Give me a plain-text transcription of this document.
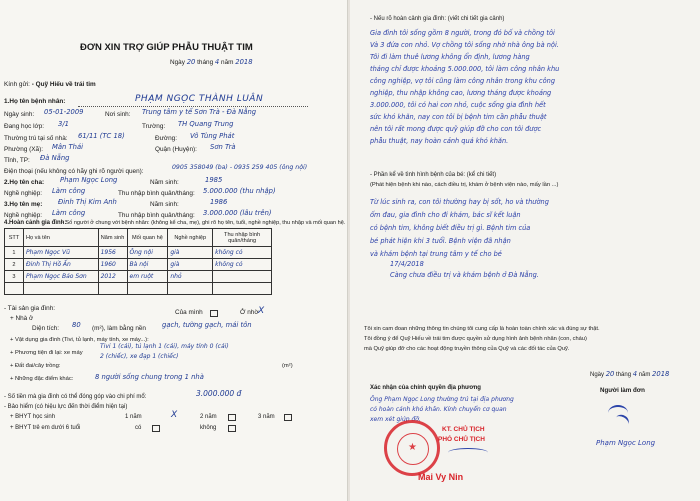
ĐƠN XIN TRỢ GIÚP PHẪU THUẬT TIM
Ngày 20 tháng 4 năm 2018
Kính gửi: - Quỹ Hiếu về trái tim
1.Họ tên bệnh nhân:	PHẠM NGỌC THÀNH LUÂN
Ngày sinh: 05-01-2009	Nơi sinh: Trung tâm y tế Sơn Trà - Đà Nẵng
Đang học lớp: 3/1	Trường: TH Quang Trung
Thường trú tại số nhà: 61/11 (TC 18)	Đường: Võ Tùng Phát
Phường (Xã): Mân Thái	Quận (Huyện): Sơn Trà
Tỉnh, TP: Đà Nẵng
Điện thoại (nếu không có hãy ghi rõ người quen):
0905 358049 (ba) - 0935 259 405 (ông nội)
2.Họ tên cha: Phạm Ngọc Long	Năm sinh:	1985
Nghề nghiệp: Làm công	Thu nhập bình quân/tháng: 5.000.000 (thu nhập)
3.Họ tên mẹ: Đinh Thị Kim Anh	Năm sinh:	1986
Nghề nghiệp: Làm công	Thu nhập bình quân/tháng: 3.000.000 (lâu trên)
4.Hoàn cảnh gia đình:
STT	Họ và tên	Năm sinh	Mối quan hệ	Nghề nghiệp	Thu nhập bình quân/tháng
1	Phạm Ngọc Vũ	1956	Ông nội	già	không có
2	Đinh Thị Hồ Ấn	1960	Bà nội	già	không có
3	Phạm Ngọc Bảo Sơn	2012	em ruột	nhỏ	

- Tài sản gia đình:
+ Nhà ở
Của mình	Ở nhờ X
Diện tích: 80 (m²), làm bằng nền gạch, tường gạch, mái tôn
+ Vật dụng gia đình (Tivi, tủ lạnh, máy tính, xe máy...):
Tivi 1 (cái), tủ lạnh 1 (cái), máy tính 0 (cái)
+ Phương tiện đi lại: xe máy	2 (chiếc), xe đạp 1 (chiếc)
+ Đất đai/cây trồng:	(m²)
+ Những đặc điểm khác:	8 người sống chung trong 1 nhà
- Số tiền mà gia đình có thể đóng góp vào chi phí mổ:	3.000.000 đ
- Bảo hiểm (có hiệu lực đến thời điểm hiện tại)
+ BHYT học sinh	1 năm	X	2 năm	3 năm
+ BHYT trẻ em dưới 6 tuổi	có	không
- Nếu rõ hoàn cảnh gia đình: (viết chi tiết gia cảnh)
Gia đình tôi sống gồm 8 người, trong đó bố và chồng tôi
Và 3 đứa con nhỏ. Vợ chồng tôi sống nhờ nhà ông bà nội.
Tôi đi làm thuê lương không ổn định, lương hàng
tháng chỉ được khoảng 5.000.000, tôi làm công nhân khu
công nghiệp, vợ tôi cũng làm công nhân trong khu công
nghiệp, thu nhập không cao, lương tháng được khoảng
3.000.000, tôi có hai con nhỏ, cuộc sống gia đình hết
sức khó khăn, nay con tôi bị bệnh tim cần phẫu thuật
nên tôi rất mong được quỹ giúp đỡ cho con tôi được
phẫu thuật, nay hoàn cảnh quá khó khăn.
- Phần kể về tình hình bệnh của bé: (kể chi tiết)
(Phát hiện bệnh khi nào, cách điều trị, khám ở bệnh viện nào, mấy lần ...)
Từ lúc sinh ra, con tôi thường hay bị sốt, ho và thường
ốm đau, gia đình cho đi khám, bác sĩ kết luận
có bệnh tim, không biết điều trị gì. Bệnh tim của
bé phát hiện khi 3 tuổi. Bệnh viện đã nhận
và khám bệnh tại trung tâm y tế cho bé
17/4/2018
Càng chưa điều trị và khám bệnh ở Đà Nẵng.
Tôi xin cam đoan những thông tin chúng tôi cung cấp là hoàn toàn chính xác và đúng sự thật.
Tôi đồng ý để Quỹ Hiếu về trái tim được quyền sử dụng hình ảnh bệnh nhân (con, cháu)
mà Quỹ giúp đỡ cho các hoạt động truyền thông của Quỹ và các đối tác của Quỹ.
Ngày 20 tháng 4 năm 2018
Xác nhận của chính quyền địa phương
Ông Phạm Ngọc Long thường trú tại địa phương
có hoàn cảnh khó khăn. Kính chuyển cơ quan
xem xét giúp đỡ.
★
KT. CHỦ TỊCH
PHÓ CHỦ TỊCH
Mai Vy Nin
Người làm đơn
Phạm Ngọc Long
- Số người ở chung với bệnh nhân: (không kể cha, mẹ), ghi rõ họ tên, tuổi, nghề nghiệp, thu nhập và mối quan hệ.
